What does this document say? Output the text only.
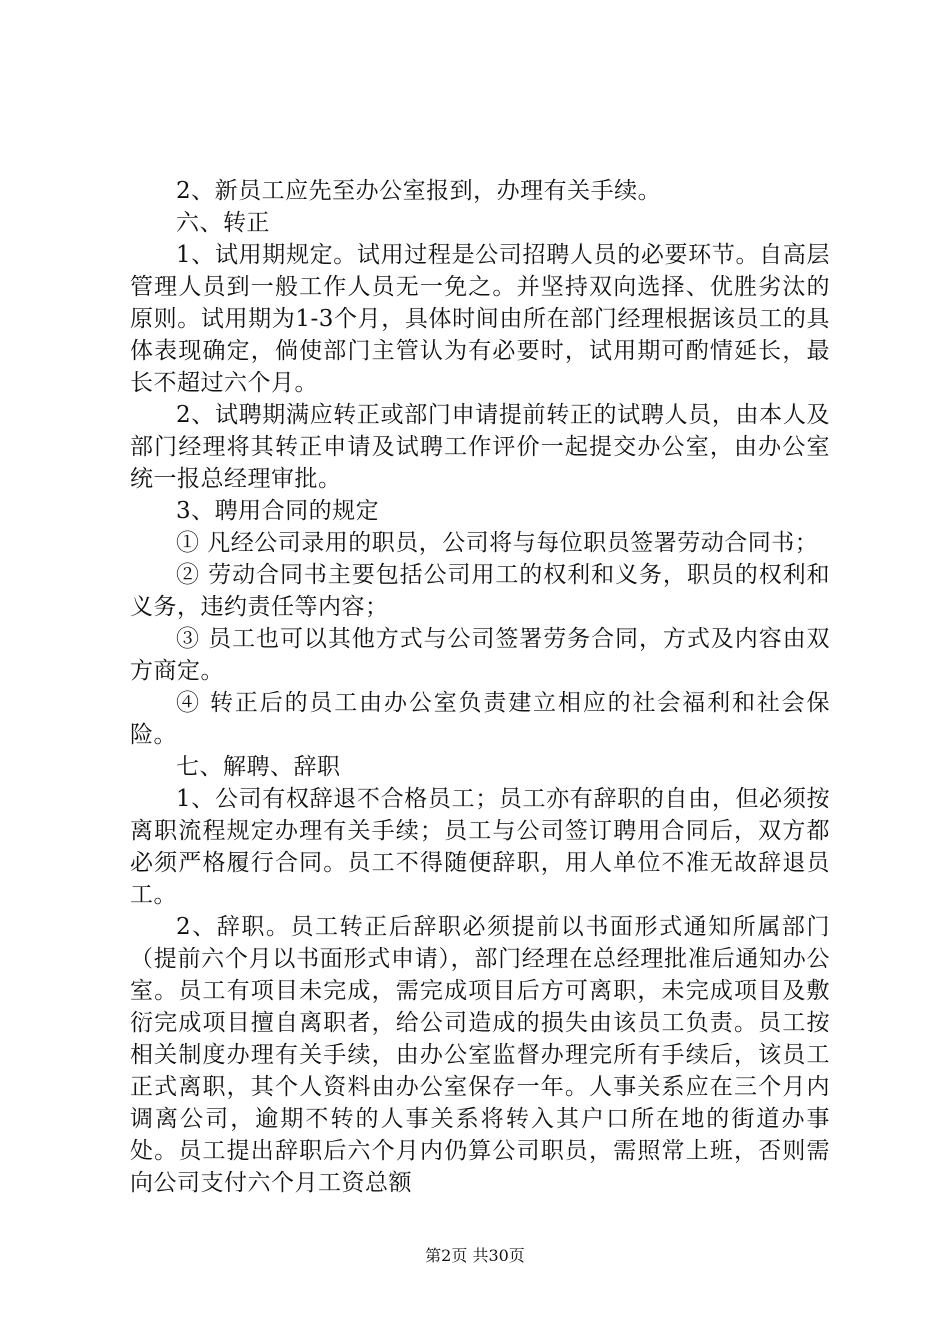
2、新员工应先至办公室报到，办理有关手续。

六、转正

1、试用期规定。试用过程是公司招聘人员的必要环节。自高层管理人员到一般工作人员无一免之。并坚持双向选择、优胜劣汰的原则。试用期为1-3个月，具体时间由所在部门经理根据该员工的具体表现确定，倘使部门主管认为有必要时，试用期可酌情延长，最长不超过六个月。

2、试聘期满应转正或部门申请提前转正的试聘人员，由本人及部门经理将其转正申请及试聘工作评价一起提交办公室，由办公室统一报总经理审批。

3、聘用合同的规定

① 凡经公司录用的职员，公司将与每位职员签署劳动合同书；

② 劳动合同书主要包括公司用工的权利和义务，职员的权利和义务，违约责任等内容；

③ 员工也可以其他方式与公司签署劳务合同，方式及内容由双方商定。

④ 转正后的员工由办公室负责建立相应的社会福利和社会保险。

七、解聘、辞职

1、公司有权辞退不合格员工；员工亦有辞职的自由，但必须按离职流程规定办理有关手续；员工与公司签订聘用合同后，双方都必须严格履行合同。员工不得随便辞职，用人单位不准无故辞退员工。

2、辞职。员工转正后辞职必须提前以书面形式通知所属部门（提前六个月以书面形式申请），部门经理在总经理批准后通知办公室。员工有项目未完成，需完成项目后方可离职，未完成项目及敷衍完成项目擅自离职者，给公司造成的损失由该员工负责。员工按相关制度办理有关手续，由办公室监督办理完所有手续后，该员工正式离职，其个人资料由办公室保存一年。人事关系应在三个月内调离公司，逾期不转的人事关系将转入其户口所在地的街道办事处。员工提出辞职后六个月内仍算公司职员，需照常上班，否则需向公司支付六个月工资总额

第2页 共30页
